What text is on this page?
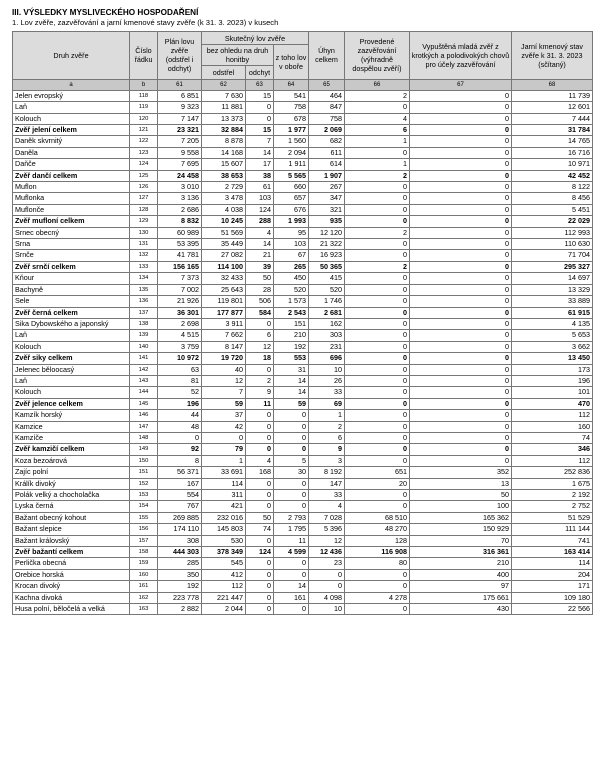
III. VÝSLEDKY MYSLIVECKÉHO HOSPODAŘENÍ
1. Lov zvěře, zazvěřování a jarní kmenové stavy zvěře (k 31. 3. 2023) v kusech
Druh zvěře	Číslo řádku	Plán lovu zvěře (odstřel i odchyt)	Skutečný lov zvěře			Úhyn celkem	Provedené zazvěřování (výhradně dospělou zvěří)	Vypuštěná mladá zvěř z krotkých a polodivokých chovů pro účely zazvěřování	Jarní kmenový stav zvěře k 31. 3. 2023 (sčítaný)
			bez ohledu na druh honitby		z toho lov v oboře				
			odstřel	odchyt					
a	b	61	62	63	64	65	66	67	68
Jelen evropský	118	6 851	7 630	15	541	464	2	0	11 739
Laň	119	9 323	11 881	0	758	847	0	0	12 601
Kolouch	120	7 147	13 373	0	678	758	4	0	7 444
Zvěř jelení celkem	121	23 321	32 884	15	1 977	2 069	6	0	31 784
Daněk skvrnitý	122	7 205	8 878	7	1 560	682	1	0	14 765
Daněla	123	9 558	14 168	14	2 094	611	0	0	16 716
Daňče	124	7 695	15 607	17	1 911	614	1	0	10 971
Zvěř dančí celkem	125	24 458	38 653	38	5 565	1 907	2	0	42 452
Muflon	126	3 010	2 729	61	660	267	0	0	8 122
Muflonka	127	3 136	3 478	103	657	347	0	0	8 456
Muflonče	128	2 686	4 038	124	676	321	0	0	5 451
Zvěř mufloní celkem	129	8 832	10 245	288	1 993	935	0	0	22 029
Srnec obecný	130	60 989	51 569	4	95	12 120	2	0	112 993
Srna	131	53 395	35 449	14	103	21 322	0	0	110 630
Srnče	132	41 781	27 082	21	67	16 923	0	0	71 704
Zvěř srnčí celkem	133	156 165	114 100	39	265	50 365	2	0	295 327
Kňour	134	7 373	32 433	50	450	415	0	0	14 697
Bachyně	135	7 002	25 643	28	520	520	0	0	13 329
Sele	136	21 926	119 801	506	1 573	1 746	0	0	33 889
Zvěř černá celkem	137	36 301	177 877	584	2 543	2 681	0	0	61 915
Sika Dybowského a japonský	138	2 698	3 911	0	151	162	0	0	4 135
Laň	139	4 515	7 662	6	210	303	0	0	5 653
Kolouch	140	3 759	8 147	12	192	231	0	0	3 662
Zvěř siky celkem	141	10 972	19 720	18	553	696	0	0	13 450
Jelenec běloocasý	142	63	40	0	31	10	0	0	173
Laň	143	81	12	2	14	26	0	0	196
Kolouch	144	52	7	9	14	33	0	0	101
Zvěř jelence celkem	145	196	59	11	59	69	0	0	470
Kamzík horský	146	44	37	0	0	1	0	0	112
Kamzice	147	48	42	0	0	2	0	0	160
Kamzíče	148	0	0	0	0	6	0	0	74
Zvěř kamzičí celkem	149	92	79	0	0	9	0	0	346
Koza bezoárová	150	8	1	4	5	3	0	0	112
Zajíc polní	151	56 371	33 691	168	30	8 192	651	352	252 836
Králík divoký	152	167	114	0	0	147	20	13	1 675
Polák velký a chocholačka	153	554	311	0	0	33	0	50	2 192
Lyska černá	154	767	421	0	0	4	0	100	2 752
Bažant obecný kohout	155	269 885	232 016	50	2 793	7 028	68 510	165 362	51 529
Bažant slepice	156	174 110	145 803	74	1 795	5 396	48 270	150 929	111 144
Bažant královský	157	308	530	0	11	12	128	70	741
Zvěř bažantí celkem	158	444 303	378 349	124	4 599	12 436	116 908	316 361	163 414
Perlička obecná	159	285	545	0	0	23	80	210	114
Orebice horská	160	350	412	0	0	0	0	400	204
Krocan divoký	161	192	112	0	14	0	0	97	171
Kachna divoká	162	223 778	221 447	0	161	4 098	4 278	175 661	109 180
Husa polní, běločelá a velká	163	2 882	2 044	0	0	10	0	430	22 566
